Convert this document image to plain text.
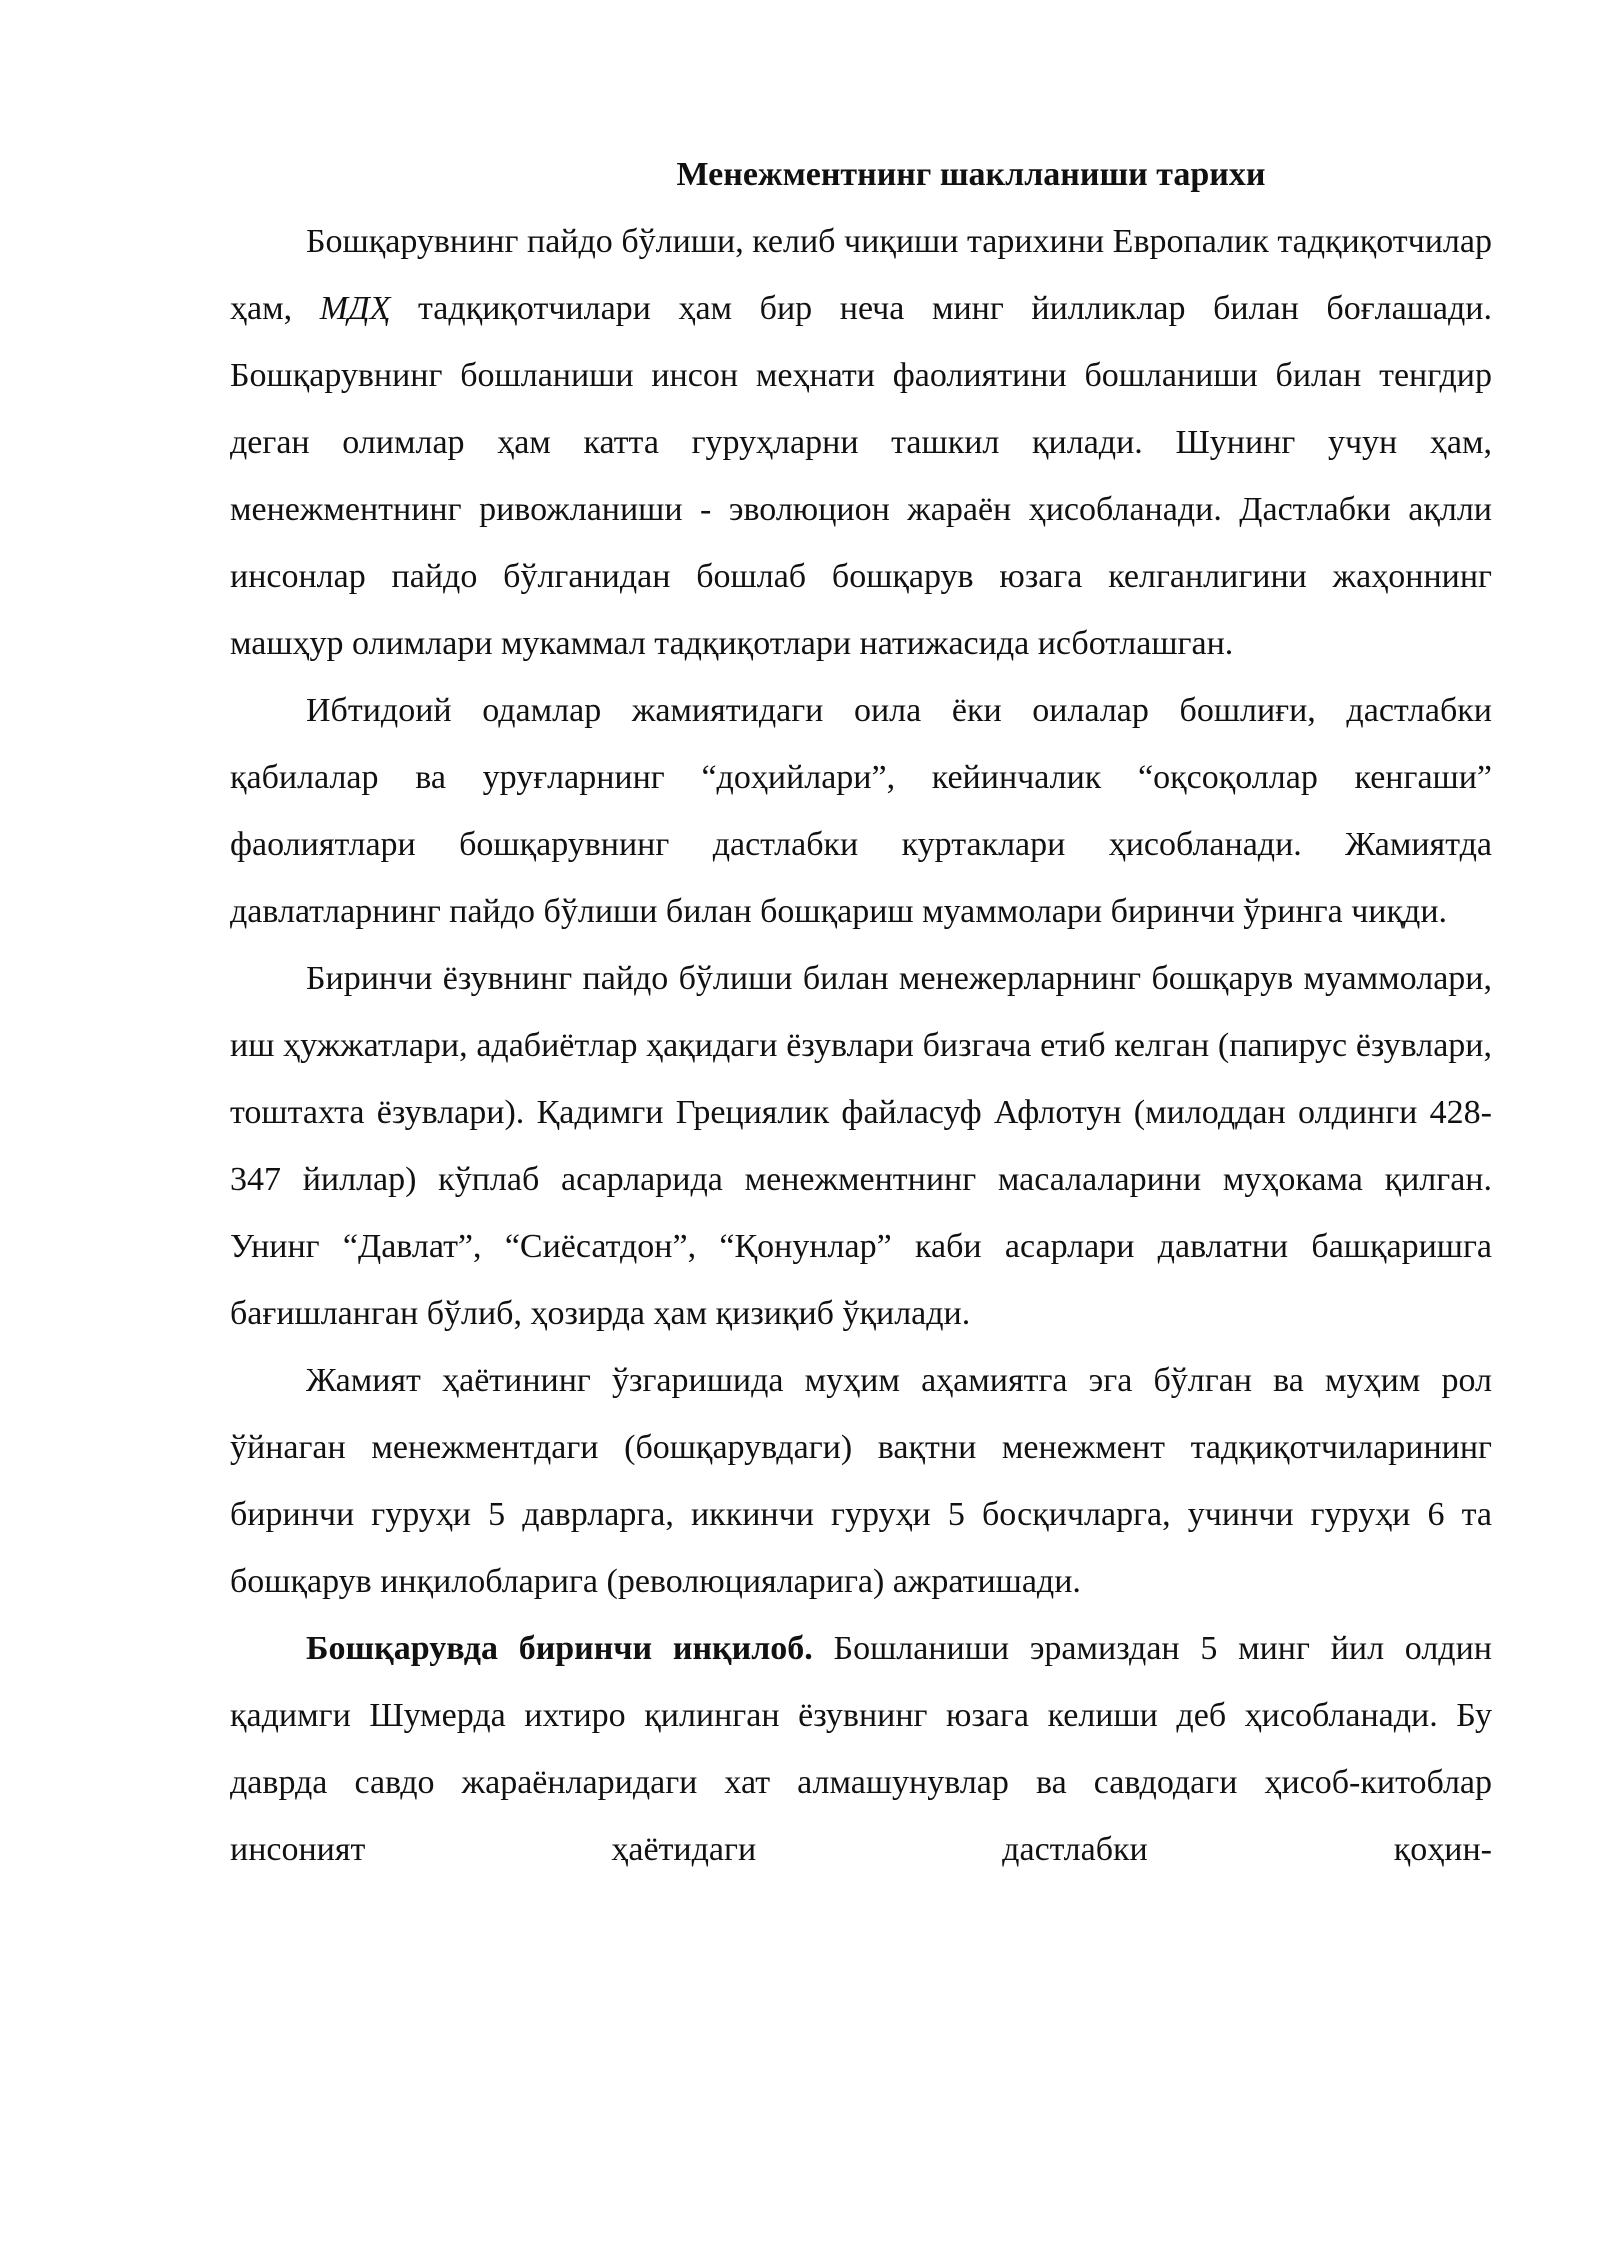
Менежментнинг шаклланиши тарихи

Бошқарувнинг пайдо бўлиши, келиб чиқиши тарихини Европалик тадқиқотчилар ҳам, МДҲ тадқиқотчилари ҳам бир неча минг йилликлар билан боғлашади. Бошқарувнинг бошланиши инсон меҳнати фаолиятини бошланиши билан тенгдир деган олимлар ҳам катта гуруҳларни ташкил қилади. Шунинг учун ҳам, менежментнинг ривожланиши - эволюцион жараён ҳисобланади. Дастлабки ақлли инсонлар пайдо бўлганидан бошлаб бошқарув юзага келганлигини жаҳоннинг машҳур олимлари мукаммал тадқиқотлари натижасида исботлашган.

Ибтидоий одамлар жамиятидаги оила ёки оилалар бошлиғи, дастлабки қабилалар ва уруғларнинг “доҳийлари”, кейинчалик “оқсоқоллар кенгаши” фаолиятлари бошқарувнинг дастлабки куртаклари ҳисобланади. Жамиятда давлатларнинг пайдо бўлиши билан бошқариш муаммолари биринчи ўринга чиқди.

Биринчи ёзувнинг пайдо бўлиши билан менежерларнинг бошқарув муаммолари, иш ҳужжатлари, адабиётлар ҳақидаги ёзувлари бизгача етиб келган (папирус ёзувлари, тоштахта ёзувлари). Қадимги Грециялик файласуф Афлотун (милоддан олдинги 428-347 йиллар) кўплаб асарларида менежментнинг масалаларини муҳокама қилган. Унинг “Давлат”, “Сиёсатдон”, “Қонунлар” каби асарлари давлатни башқаришга бағишланган бўлиб, ҳозирда ҳам қизиқиб ўқилади.

Жамият ҳаётининг ўзгаришида муҳим аҳамиятга эга бўлган ва муҳим рол ўйнаган менежментдаги (бошқарувдаги) вақтни менежмент тадқиқотчиларининг биринчи гуруҳи 5 даврларга, иккинчи гуруҳи 5 босқичларга, учинчи гуруҳи 6 та бошқарув инқилобларига (революцияларига) ажратишади.

Бошқарувда биринчи инқилоб. Бошланиши эрамиздан 5 минг йил олдин қадимги Шумерда ихтиро қилинган ёзувнинг юзага келиши деб ҳисобланади. Бу даврда савдо жараёнларидаги хат алмашунувлар ва савдодаги ҳисоб-китоблар инсоният ҳаётидаги дастлабки қоҳин-
